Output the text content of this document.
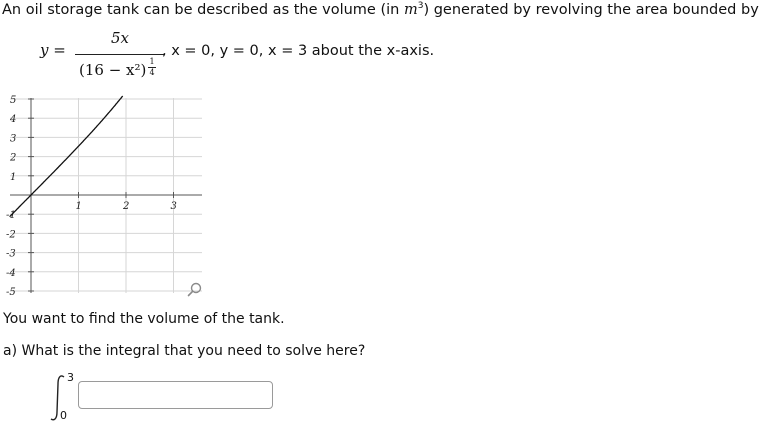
An oil storage tank can be described as the volume (in $m^3$) generated by revolving the area bounded by
y =
5x
(16 − x²) 1
4
, x = 0, y = 0, x = 3 about the x-axis.
1	2	3
5
4
3
2
1
-1
-2
-3
-4
-5
You want to find the volume of the tank.
a) What is the integral that you need to solve here?
3
0
